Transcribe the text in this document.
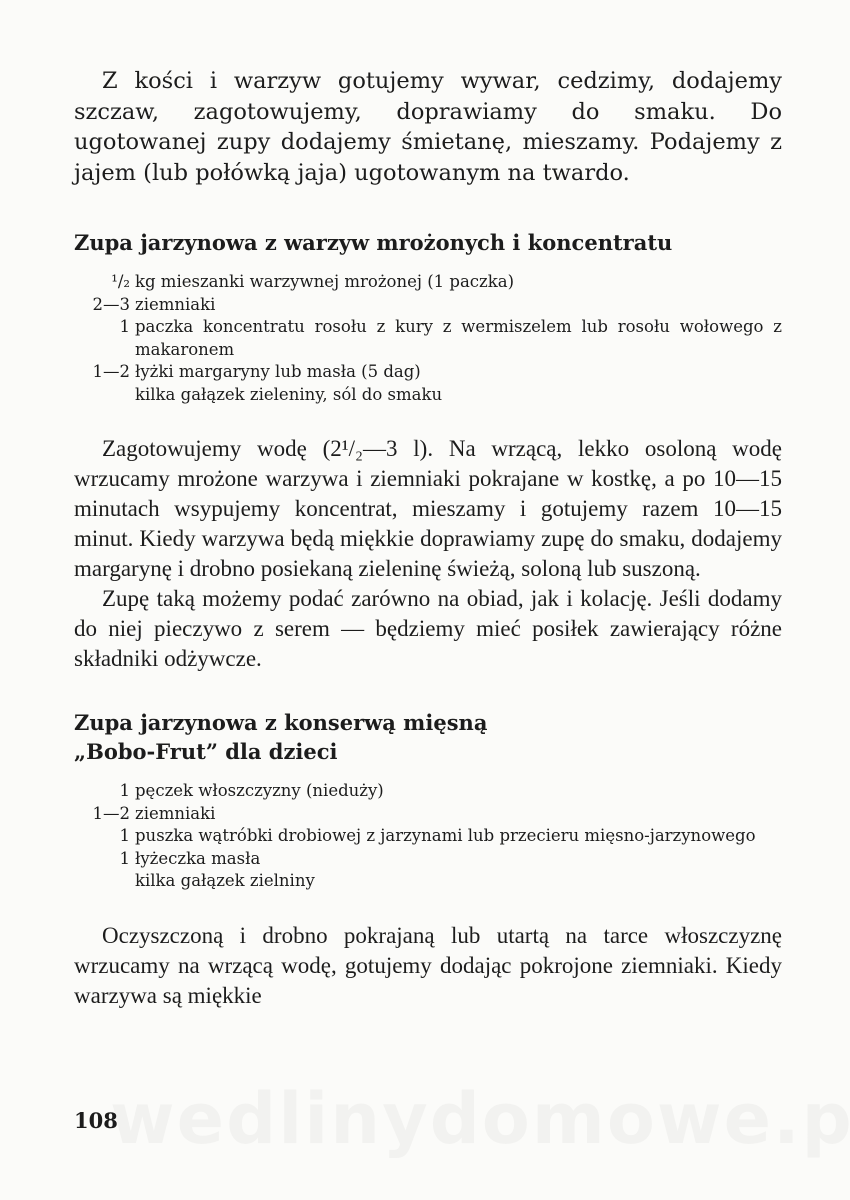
Z kości i warzyw gotujemy wywar, cedzimy, dodajemy szczaw, zagotowujemy, doprawiamy do smaku. Do ugotowanej zupy dodajemy śmietanę, mieszamy. Podajemy z jajem (lub połówką jaja) ugotowanym na twardo.

Zupa jarzynowa z warzyw mrożonych i koncentratu
¹/₂ kg mieszanki warzywnej mrożonej (1 paczka)
2—3 ziemniaki
1 paczka koncentratu rosołu z kury z wermiszelem lub rosołu wołowego z makaronem
1—2 łyżki margaryny lub masła (5 dag)
kilka gałązek zieleniny, sól do smaku

Zagotowujemy wodę (2¹/₂—3 l). Na wrzącą, lekko osoloną wodę wrzucamy mrożone warzywa i ziemniaki pokrajane w kostkę, a po 10—15 minutach wsypujemy koncentrat, mieszamy i gotujemy razem 10—15 minut. Kiedy warzywa będą miękkie doprawiamy zupę do smaku, dodajemy margarynę i drobno posiekaną zieleninę świeżą, soloną lub suszoną.

Zupę taką możemy podać zarówno na obiad, jak i kolację. Jeśli dodamy do niej pieczywo z serem — będziemy mieć posiłek zawierający różne składniki odżywcze.

Zupa jarzynowa z konserwą mięsną
„Bobo-Frut” dla dzieci
1 pęczek włoszczyzny (nieduży)
1—2 ziemniaki
1 puszka wątróbki drobiowej z jarzynami lub przecieru mięsno-jarzynowego
1 łyżeczka masła
kilka gałązek zielniny

Oczyszczoną i drobno pokrajaną lub utartą na tarce włoszczyznę wrzucamy na wrzącą wodę, gotujemy dodając pokrojone ziemniaki. Kiedy warzywa są miękkie

108
